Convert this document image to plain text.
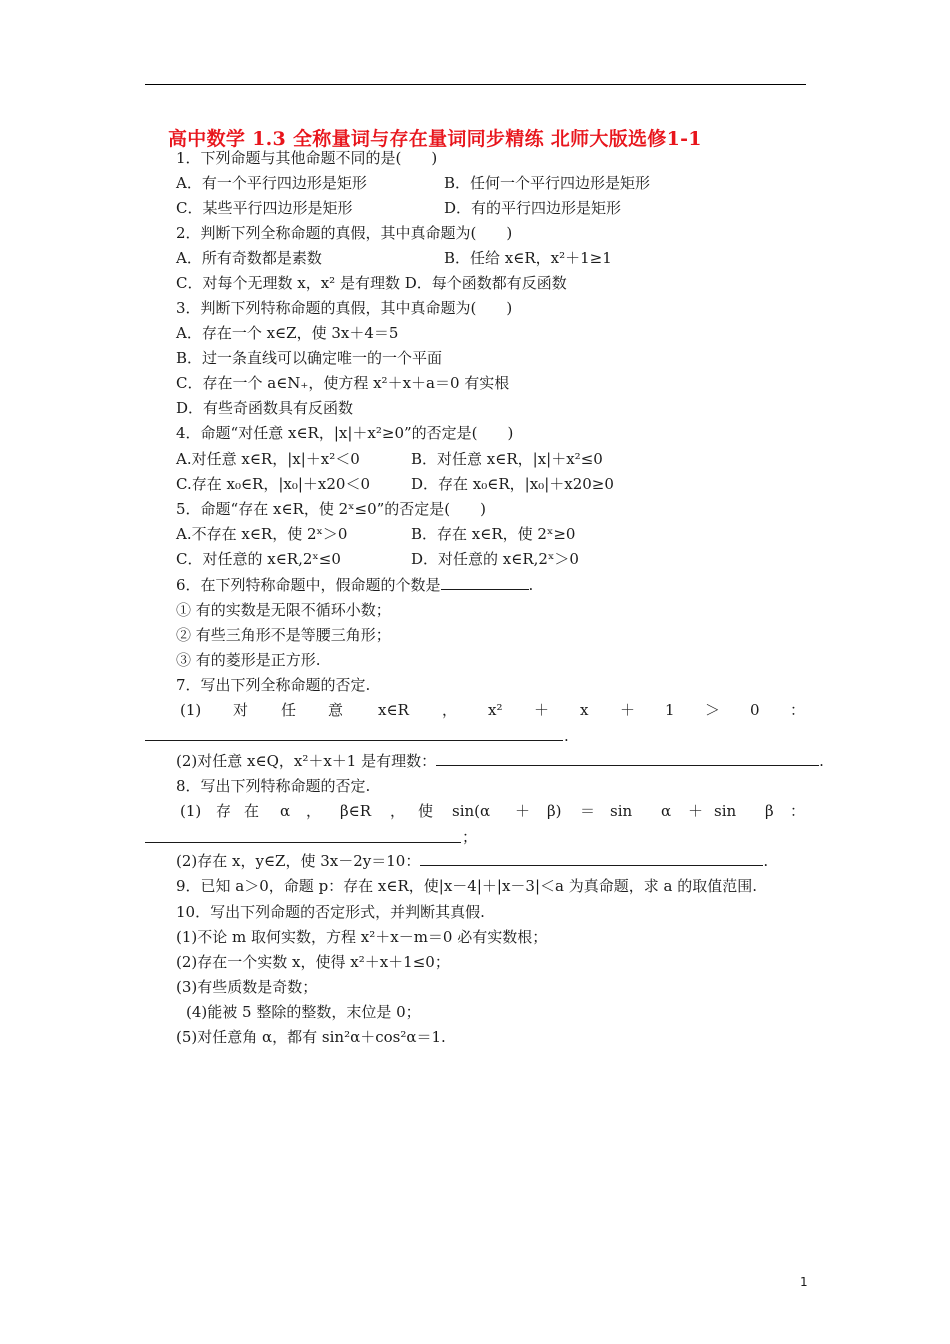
高中数学 1.3 全称量词与存在量词同步精练 北师大版选修1-1
1．下列命题与其他命题不同的是(　　)
A．有一个平行四边形是矩形	B．任何一个平行四边形是矩形
C．某些平行四边形是矩形	D．有的平行四边形是矩形
2．判断下列全称命题的真假，其中真命题为(　　)
A．所有奇数都是素数	B．任给 x∈R，x²＋1≥1
C．对每个无理数 x，x² 是有理数 D．每个函数都有反函数
3．判断下列特称命题的真假，其中真命题为(　　)
A．存在一个 x∈Z，使 3x＋4＝5
B．过一条直线可以确定唯一的一个平面
C．存在一个 a∈N₊，使方程 x²＋x＋a＝0 有实根
D．有些奇函数具有反函数
4．命题“对任意 x∈R，|x|＋x²≥0”的否定是(　　)
A.对任意 x∈R，|x|＋x²＜0	B．对任意 x∈R，|x|＋x²≤0
C.存在 x₀∈R，|x₀|＋x20＜0	D．存在 x₀∈R，|x₀|＋x20≥0
5．命题“存在 x∈R，使 2ˣ≤0”的否定是(　　)
A.不存在 x∈R，使 2ˣ＞0	B．存在 x∈R，使 2ˣ≥0
C．对任意的 x∈R,2ˣ≤0	D．对任意的 x∈R,2ˣ＞0
6．在下列特称命题中，假命题的个数是	.
① 有的实数是无限不循环小数；
② 有些三角形不是等腰三角形；
③ 有的菱形是正方形.
7．写出下列全称命题的否定.
(1) 对 任 意 x∈R ， x² ＋ x ＋ 1 ＞ 0 ：
.
(2)对任意 x∈Q，x²＋x＋1 是有理数：	.
8．写出下列特称命题的否定.
(1) 存 在 α ， β∈R ， 使 sin(α ＋ β) ＝ sin α ＋ sin β ：
；
(2)存在 x，y∈Z，使 3x－2y＝10：	.
9．已知 a＞0，命题 p：存在 x∈R，使|x－4|＋|x－3|＜a 为真命题，求 a 的取值范围.
10．写出下列命题的否定形式，并判断其真假.
(1)不论 m 取何实数，方程 x²＋x－m＝0 必有实数根；
(2)存在一个实数 x，使得 x²＋x＋1≤0；
(3)有些质数是奇数；
(4)能被 5 整除的整数，末位是 0；
(5)对任意角 α，都有 sin²α＋cos²α＝1.
1
